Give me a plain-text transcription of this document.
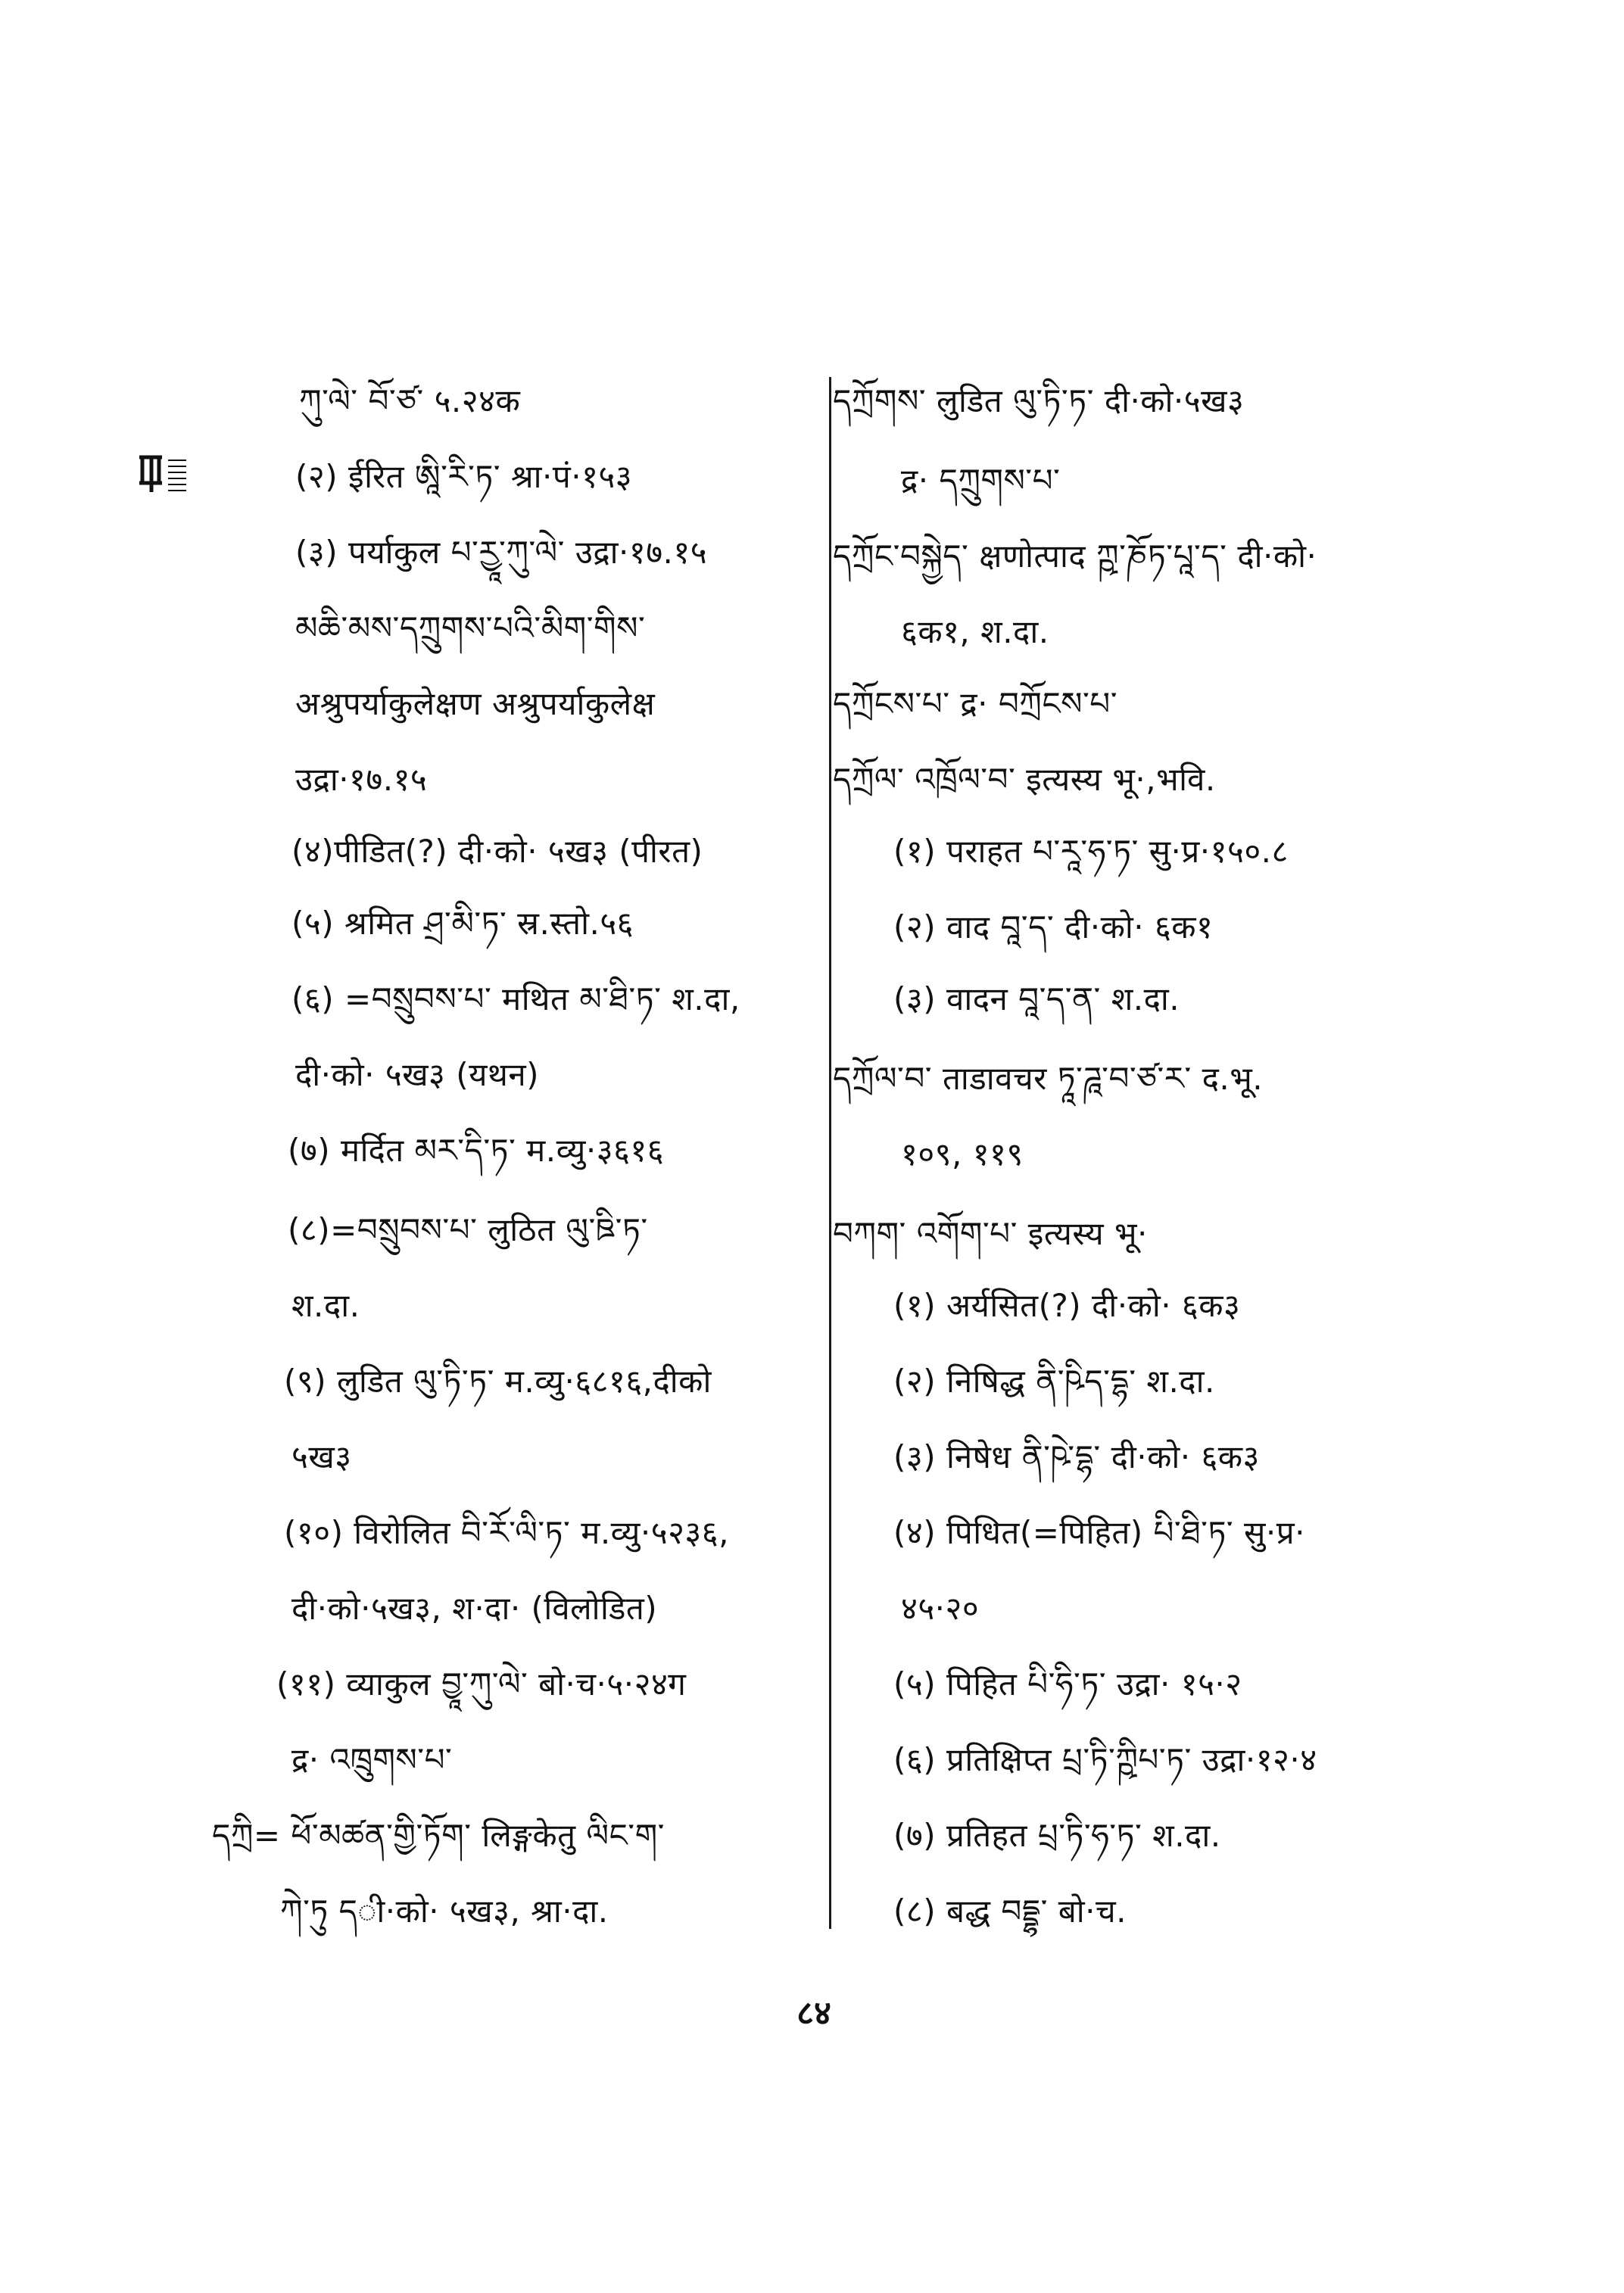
ཀུ་ལེ་ བོ་ཙ་ ५.२४क
(२) ईरित ཨཱི་རི་ཏ་ श्रा·पं·१५३
(३) पर्याकुल པ་རྱཱ་ཀུ་ལེ་ उद्रा·१७.१५
མཆི་མས་དཀྲུགས་པའི་མིག་གིས་
अश्रुपर्याकुलेक्षण अश्रुपर्याकुलेक्ष
उद्रा·१७.१५
(४)पीडित(?) दी·को· ५ख३ (पीरत)
(५) श्रमित ཤྲ་མི་ཏ་ स्र.स्तो.५६
(६) =བསྲུབས་པ་ मथित མ་ཐི་ཏ་ श.दा,
दी·को· ५ख३ (यथन)
(७) मर्दित མར་དི་ཏ་ म.व्यु·३६१६
(८)=བསྲུབས་པ་ लुठित ལུ་ཋི་ཏ་
श.दा.
(९) लुडित ལུ་ཏི་ཏ་ म.व्यु·६८१६,दीको
५ख३
(१०) विरोलित བི་རོ་ལི་ཏ་ म.व्यु·५२३६,
दी·को·५ख३, श·दा· (विलोडित)
(११) व्याकुल བྱཱ་ཀུ་ལེ་ बो·च·५·२४ग
द्र· འཁྲུགས་པ་
དཀྲི= ཕོ་མཚན་གྱི་ཏོག་ लिङ्गकेतु ལིང་ག་
ཀེ་ཏུ དी·को· ५ख३, श्रा·दा.
དཀྲོགས་ लुडित ལུ་ཏི་ཏ་ दी·को·५ख३
द्र· དཀྲུགས་པ་
དཀྲོང་བསྐྱེད་ क्षणोत्पाद ཀྵ་ཎོཏ་པཱ་ད་ दी·को·
६क१, श.दा.
དཀྲོངས་པ་ द्र· བཀྲོངས་པ་
དཀྲོལ་ འཁྲོལ་བ་ इत्यस्य भू·,भवि.
(१) पराहत པ་རཱ་ཧ་ཏ་ सु·प्र·१५०.८
(२) वाद བཱ་ད་ दी·को· ६क१
(३) वादन བཱ་ད་ན་ श.दा.
དཀྲོལ་བ་ ताडावचर ཏཱ་ཌཱ་བ་ཙ་ར་ द.भू.
१०९, ११९
བཀག་ འགོག་པ་ इत्यस्य भू·
(१) अर्यसित(?) दी·को· ६क३
(२) निषिद्ध ནི་ཥིད་དྷ་ श.दा.
(३) निषेध ནི་ཥེ་དྷ་ दी·को· ६क३
(४) पिधित(=पिहित) པི་ཐི་ཏ་ सु·प्र·
४५·२०
(५) पिहित པི་ཧི་ཏ་ उद्रा· १५·२
(६) प्रतिक्षिप्त པྲ་ཏི་ཀྵིཔ་ཏ་ उद्रा·१२·४
(७) प्रतिहत པྲ་ཏི་ཧ་ཏ་ श.दा.
(८) बद्ध བདྡྷ་ बो·च.
८४
